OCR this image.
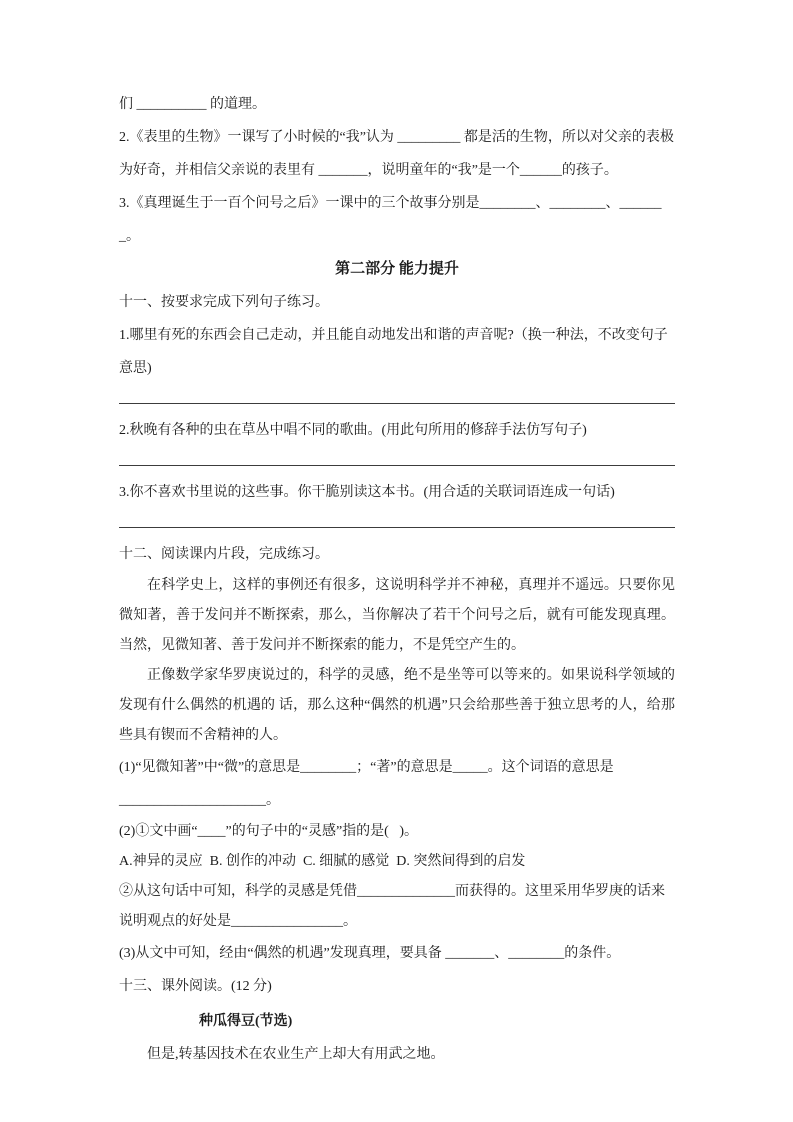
们 __________ 的道理。

2.《表里的生物》一课写了小时候的“我”认为 _________ 都是活的生物，所以对父亲的表极为好奇，并相信父亲说的表里有 _______，说明童年的“我”是一个______的孩子。

3.《真理诞生于一百个问号之后》一课中的三个故事分别是________、________、_______。

第二部分 能力提升

十一、按要求完成下列句子练习。

1.哪里有死的东西会自己走动，并且能自动地发出和谐的声音呢?（换一种法，不改变句子意思)

2.秋晚有各种的虫在草丛中唱不同的歌曲。(用此句所用的修辞手法仿写句子)

3.你不喜欢书里说的这些事。你干脆别读这本书。(用合适的关联词语连成一句话)

十二、阅读课内片段，完成练习。

在科学史上，这样的事例还有很多，这说明科学并不神秘，真理并不遥远。只要你见微知著，善于发问并不断探索，那么，当你解决了若干个问号之后，就有可能发现真理。 当然，见微知著、善于发问并不断探索的能力，不是凭空产生的。

正像数学家华罗庚说过的，科学的灵感，绝不是坐等可以等来的。如果说科学领域的发现有什么偶然的机遇的 话，那么这种“偶然的机遇”只会给那些善于独立思考的人，给那些具有锲而不舍精神的人。

(1)“见微知著”中“微”的意思是________；“著”的意思是_____。这个词语的意思是

_____________________。

(2)①文中画“____”的句子中的“灵感”指的是(   )。

A.神异的灵应  B. 创作的冲动  C. 细腻的感觉  D. 突然间得到的启发

②从这句话中可知，科学的灵感是凭借______________而获得的。这里采用华罗庚的话来说明观点的好处是________________。

(3)从文中可知，经由“偶然的机遇”发现真理，要具备 _______、________的条件。

十三、课外阅读。(12 分)

种瓜得豆(节选)

但是,转基因技术在农业生产上却大有用武之地。
